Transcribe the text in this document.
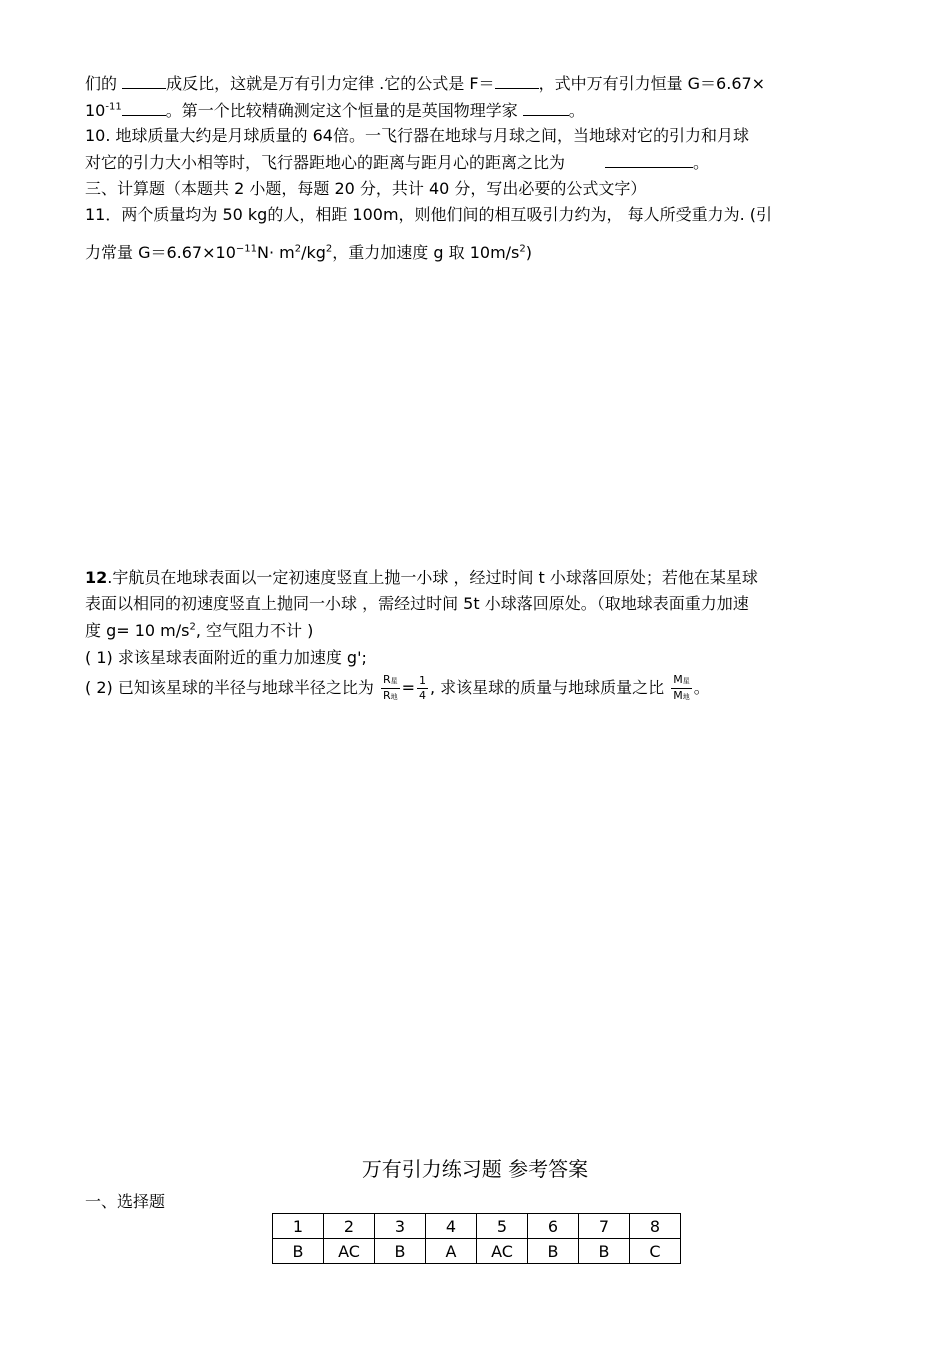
们的	成反比，这就是万有引力定律 .它的公式是 F＝	，式中万有引力恒量 G＝6.67×
$10^{-11}$	。第一个比较精确测定这个恒量的是英国物理学家	。
10. 地球质量大约是月球质量的 64倍。一飞行器在地球与月球之间，当地球对它的引力和月球
对它的引力大小相等时，飞行器距地心的距离与距月心的距离之比为	。
三、计算题（本题共 2 小题，每题 20 分，共计 40 分，写出必要的公式文字）
11．两个质量均为 50 kg的人，相距 100m，则他们间的相互吸引力约为， 每人所受重力为. (引
力常量 $G=6.67\times 10^{-11}N\cdot m^2/kg^2$，重力加速度 g 取 $10m/s^2$)
12.宇航员在地球表面以一定初速度竖直上抛一小球 ，经过时间 t 小球落回原处；若他在某星球
表面以相同的初速度竖直上抛同一小球 ，需经过时间 5t 小球落回原处。（取地球表面重力加速
度 g= 10 $m/s^2$, 空气阻力不计 )
( 1) 求该星球表面附近的重力加速度 g';
( 2) 已知该星球的半径与地球半径之比为 $\frac{\text{R星}}{\text{R地}} = \frac{1}{4}$ , 求该星球的质量与地球质量之比 $\frac{\text{M星}}{\text{M地}}$ 。
万有引力练习题 参考答案
一、选择题
1	2	3	4	5	6	7	8
B	AC	B	A	AC	B	B	C
